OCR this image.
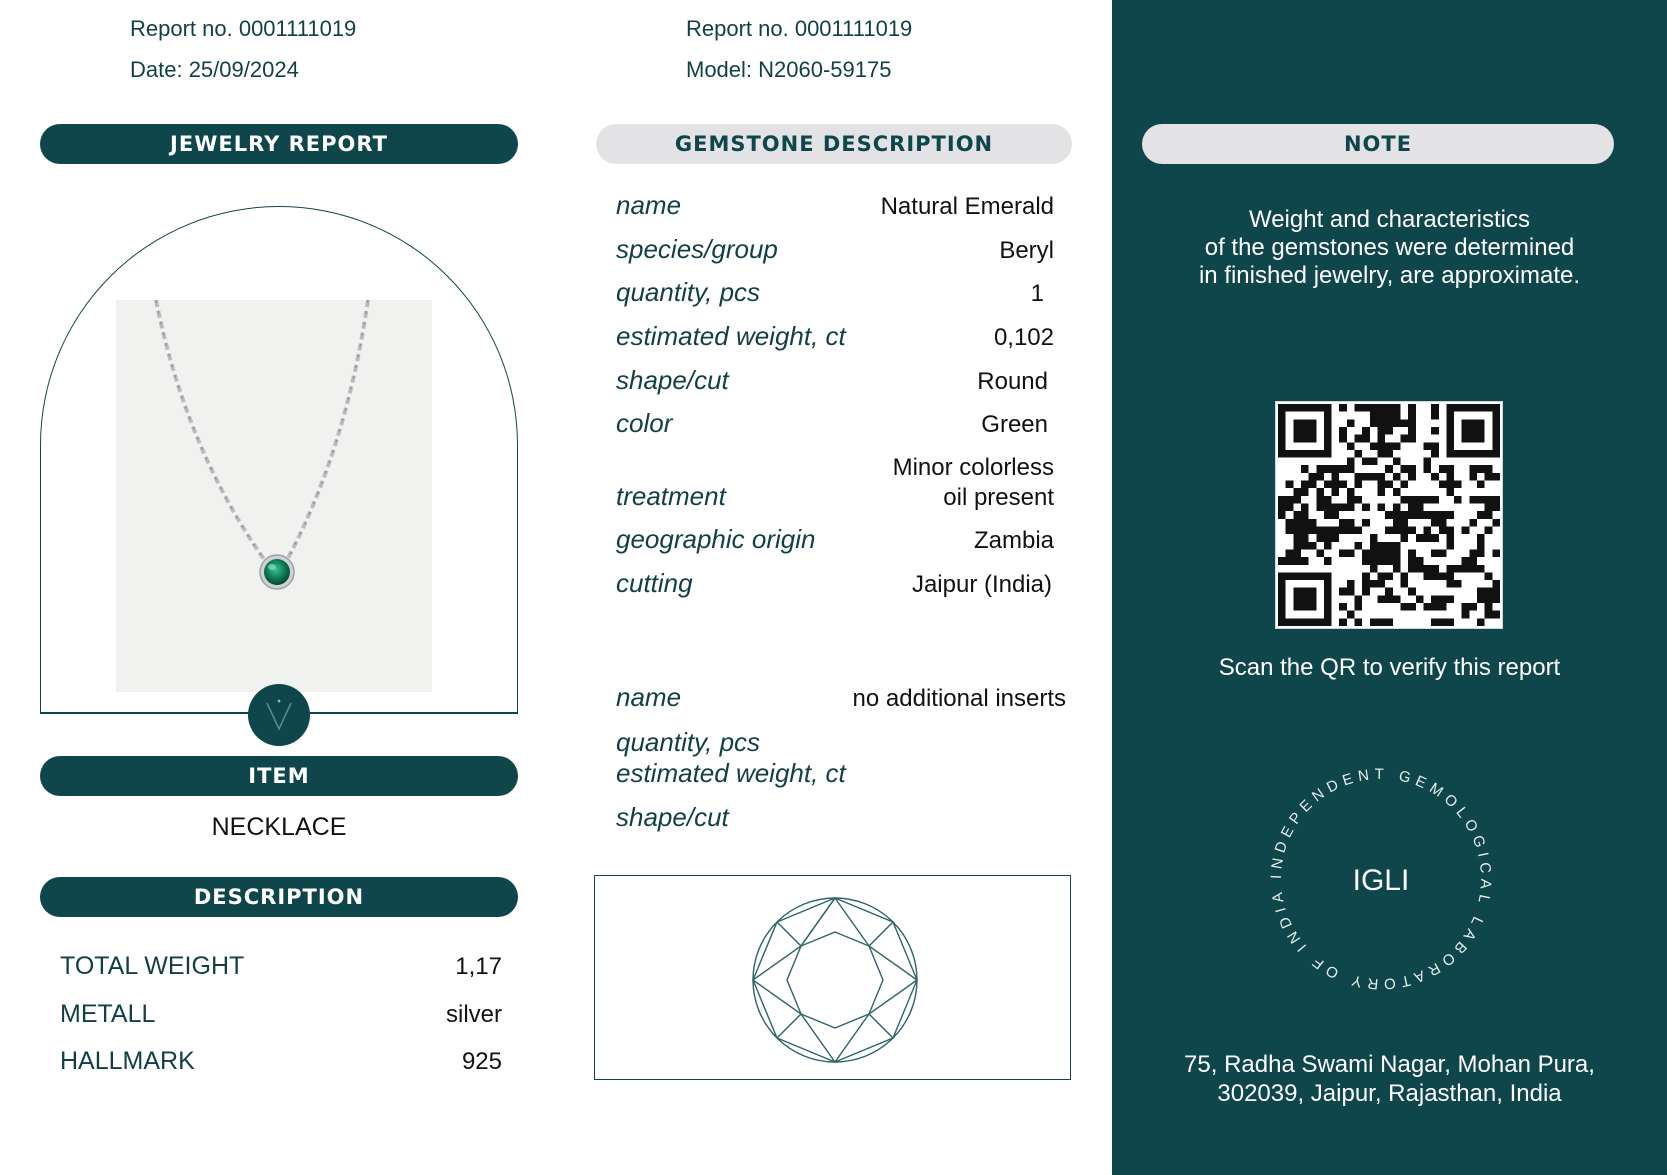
Report no. 0001111019
Date: 25/09/2024
JEWELRY REPORT
ITEM
NECKLACE
DESCRIPTION
TOTAL WEIGHT	1,17
METALL	silver
HALLMARK	925
Report no. 0001111019
Model: N2060-59175
GEMSTONE DESCRIPTION
name	Natural Emerald
species/group	Beryl
quantity, pcs	1
estimated weight, ct	0,102
shape/cut	Round
color	Green
Minor colorless
treatment	oil present
geographic origin	Zambia
cutting	Jaipur (India)
name	no additional inserts
quantity, pcs
estimated weight, ct
shape/cut
NOTE
Weight and characteristics
of the gemstones were determined
in finished jewelry, are approximate.
Scan the QR to verify this report
INDEPENDENT GEMOLOGICAL LABORATORY OF INDIA	IGLI
75, Radha Swami Nagar, Mohan Pura,
302039, Jaipur, Rajasthan, India
